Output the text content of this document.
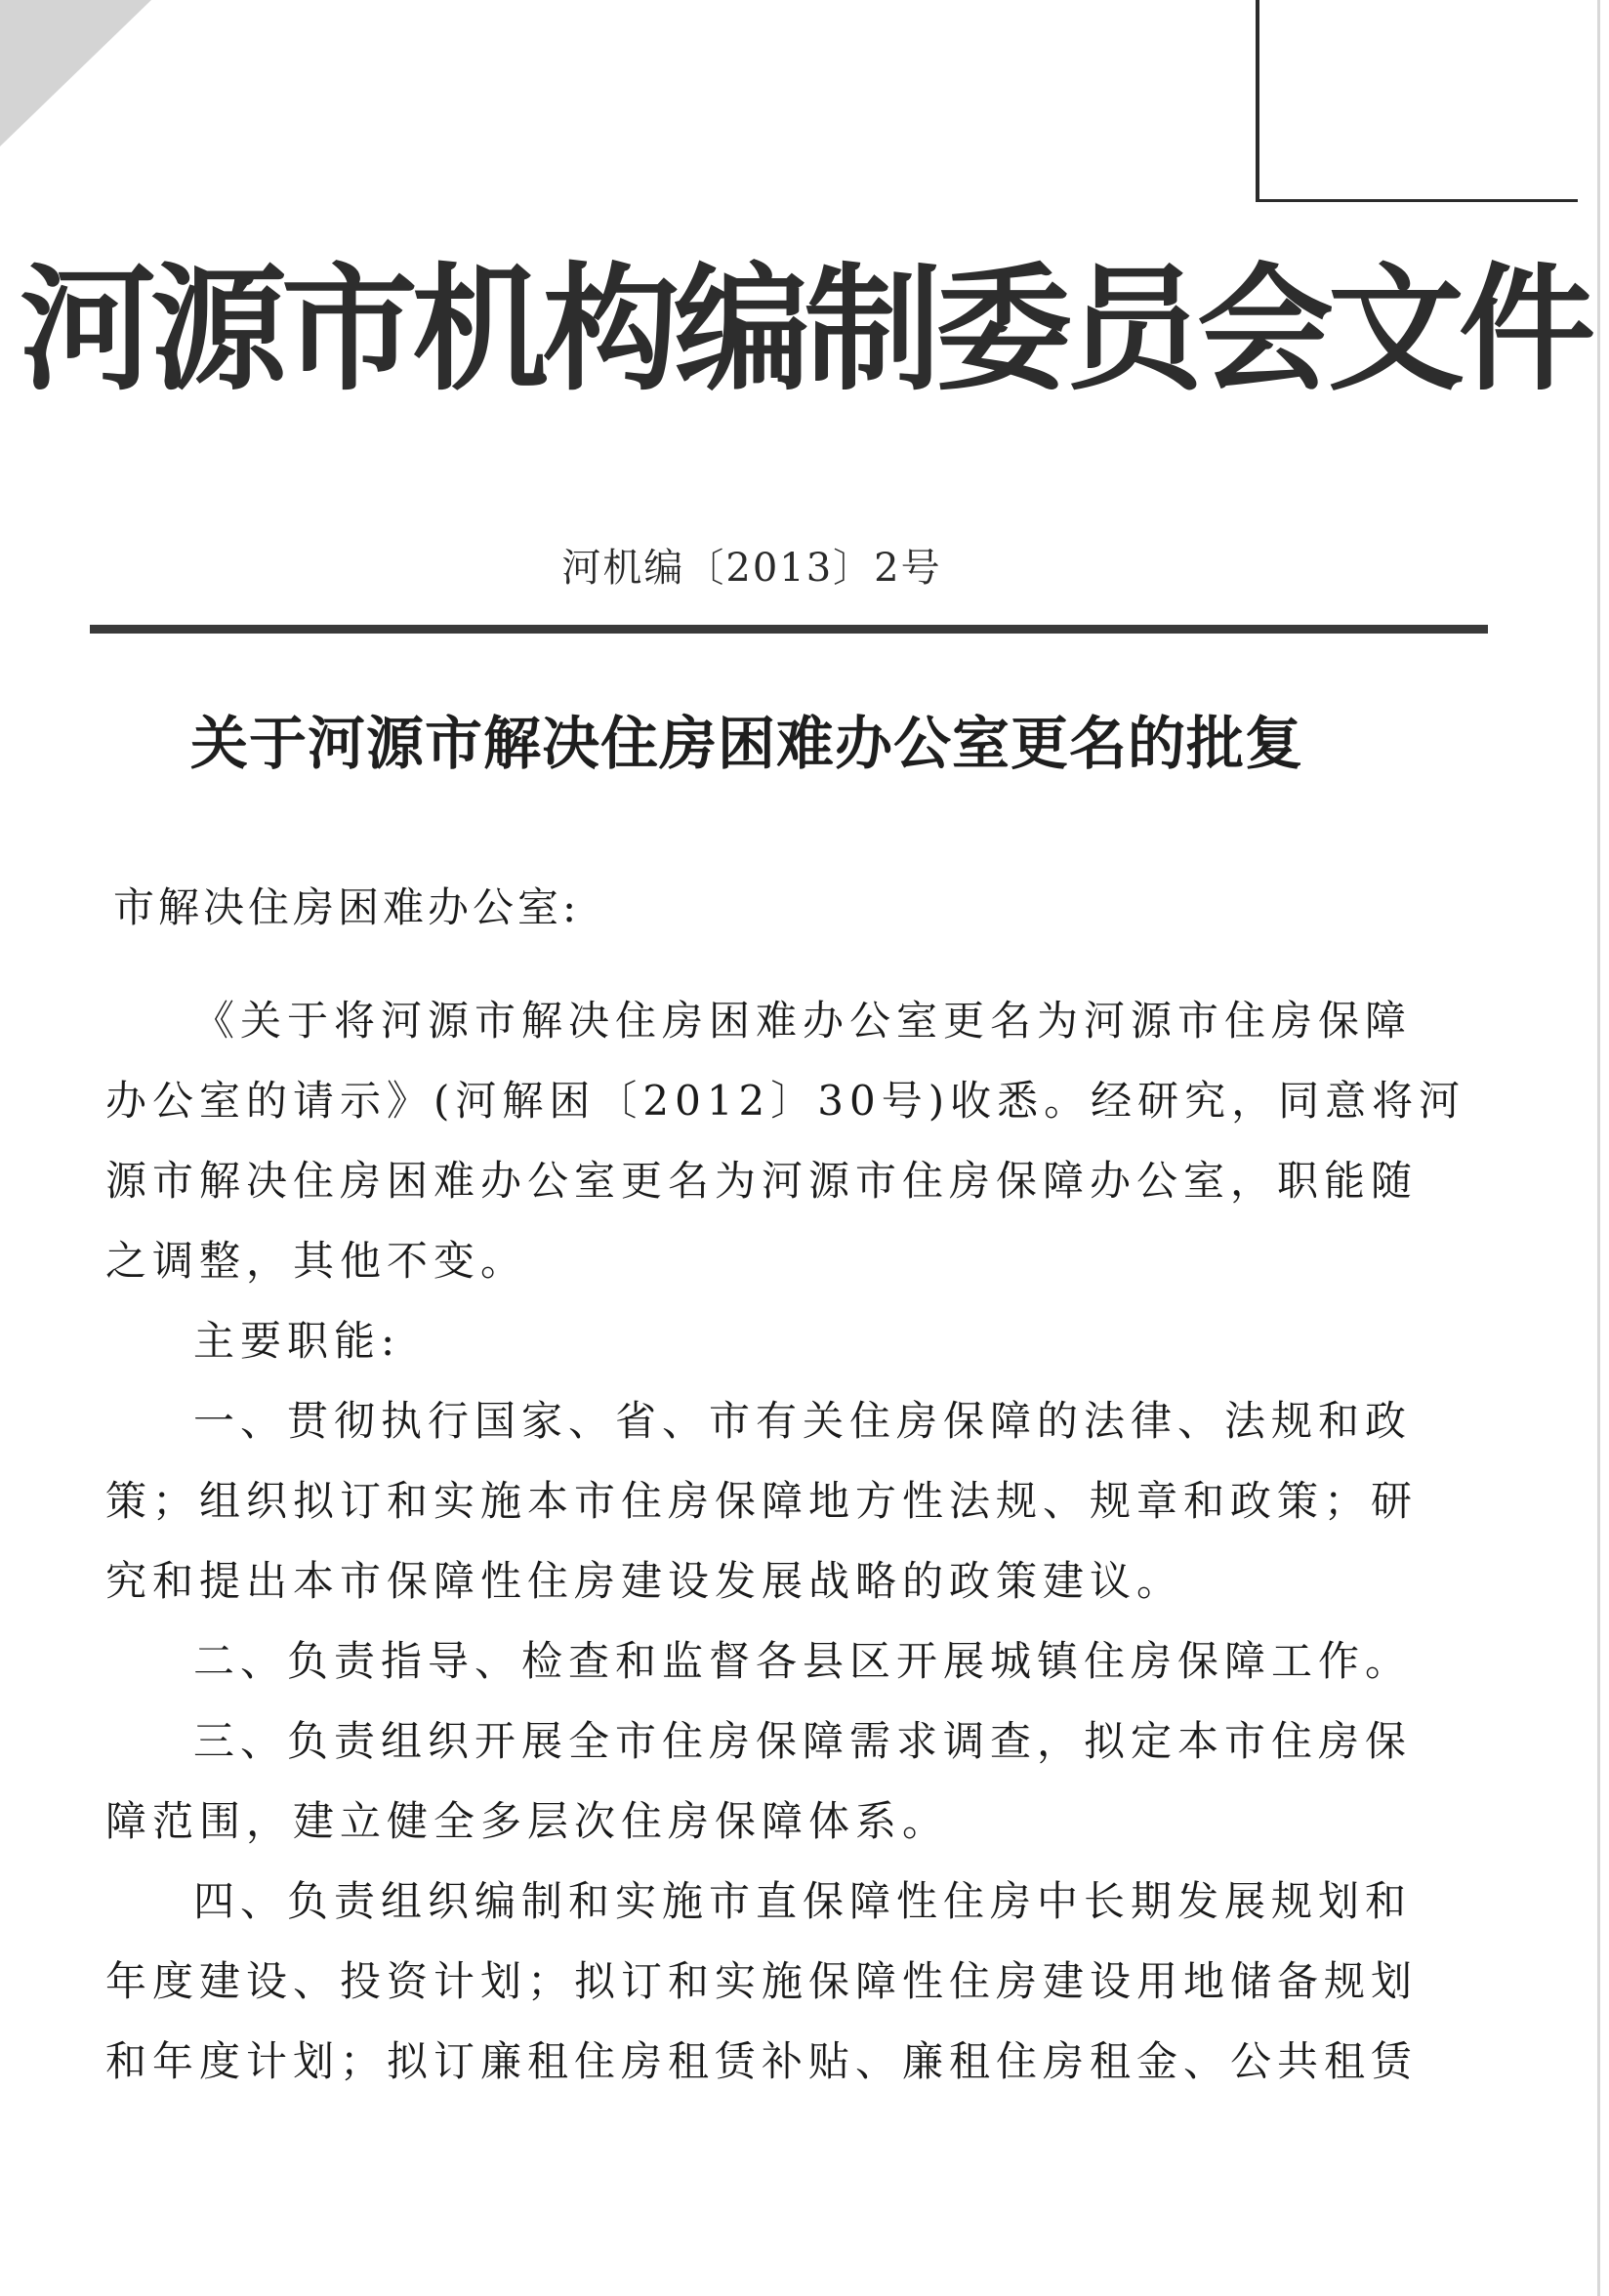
河源市机构编制委员会文件
河机编〔2013〕2号
关于河源市解决住房困难办公室更名的批复
市解决住房困难办公室:
《关于将河源市解决住房困难办公室更名为河源市住房保障
办公室的请示》(河解困〔2012〕30号)收悉。经研究，同意将河
源市解决住房困难办公室更名为河源市住房保障办公室，职能随
之调整，其他不变。
主要职能:
一、贯彻执行国家、省、市有关住房保障的法律、法规和政
策；组织拟订和实施本市住房保障地方性法规、规章和政策；研
究和提出本市保障性住房建设发展战略的政策建议。
二、负责指导、检查和监督各县区开展城镇住房保障工作。
三、负责组织开展全市住房保障需求调查，拟定本市住房保
障范围，建立健全多层次住房保障体系。
四、负责组织编制和实施市直保障性住房中长期发展规划和
年度建设、投资计划；拟订和实施保障性住房建设用地储备规划
和年度计划；拟订廉租住房租赁补贴、廉租住房租金、公共租赁
